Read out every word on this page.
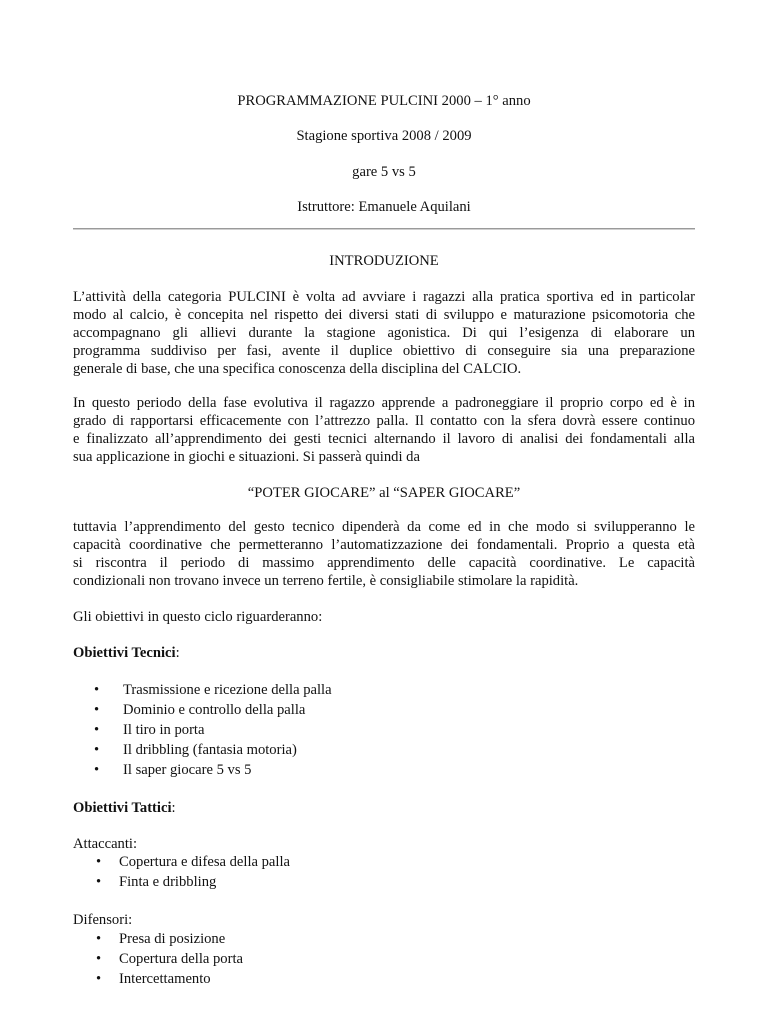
PROGRAMMAZIONE PULCINI 2000 – 1° anno
Stagione sportiva 2008 / 2009
gare 5 vs 5
Istruttore: Emanuele Aquilani
INTRODUZIONE
L’attività della categoria PULCINI è volta ad avviare i ragazzi alla pratica sportiva ed in particolar
modo al calcio, è concepita nel rispetto dei diversi stati di sviluppo e maturazione psicomotoria che
accompagnano gli allievi durante la stagione agonistica. Di qui l’esigenza di elaborare un
programma suddiviso per fasi, avente il duplice obiettivo di conseguire sia una preparazione
generale di base, che una specifica conoscenza della disciplina del CALCIO.
In questo periodo della fase evolutiva il ragazzo apprende a padroneggiare il proprio corpo ed è in
grado di rapportarsi efficacemente con l’attrezzo palla. Il contatto con la sfera dovrà essere continuo
e finalizzato all’apprendimento dei gesti tecnici alternando il lavoro di analisi dei fondamentali alla
sua applicazione in giochi e situazioni. Si passerà quindi da
“POTER GIOCARE” al “SAPER GIOCARE”
tuttavia l’apprendimento del gesto tecnico dipenderà da come ed in che modo si svilupperanno le
capacità coordinative che permetteranno l’automatizzazione dei fondamentali. Proprio a questa età
si riscontra il periodo di massimo apprendimento delle capacità coordinative. Le capacità
condizionali non trovano invece un terreno fertile, è consigliabile stimolare la rapidità.
Gli obiettivi in questo ciclo riguarderanno:
Obiettivi Tecnici:
• Trasmissione e ricezione della palla
• Dominio e controllo della palla
• Il tiro in porta
• Il dribbling (fantasia motoria)
• Il saper giocare 5 vs 5
Obiettivi Tattici:
Attaccanti:
• Copertura e difesa della palla
• Finta e dribbling
Difensori:
• Presa di posizione
• Copertura della porta
• Intercettamento
